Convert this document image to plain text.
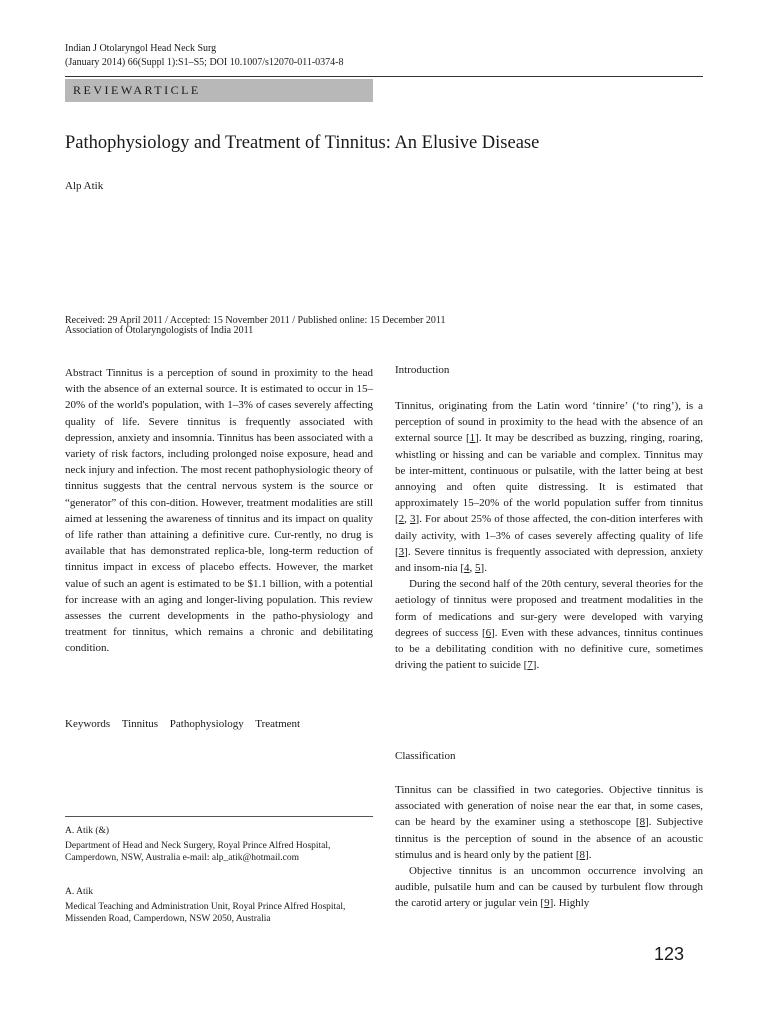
Indian J Otolaryngol Head Neck Surg
(January 2014) 66(Suppl 1):S1–S5; DOI 10.1007/s12070-011-0374-8
REVIEWARTICLE
Pathophysiology and Treatment of Tinnitus: An Elusive Disease
Alp Atik
Received: 29 April 2011 / Accepted: 15 November 2011 / Published online: 15 December 2011
Association of Otolaryngologists of India 2011

Abstract Tinnitus is a perception of sound in proximity to the head with the absence of an external source. It is estimated to occur in 15–20% of the world's population, with 1–3% of cases severely affecting quality of life. Severe tinnitus is frequently associated with depression, anxiety and insomnia. Tinnitus has been associated with a variety of risk factors, including prolonged noise exposure, head and neck injury and infection. The most recent pathophysiologic theory of tinnitus suggests that the central nervous system is the source or “generator” of this con-dition. However, treatment modalities are still aimed at lessening the awareness of tinnitus and its impact on quality of life rather than attaining a definitive cure. Cur-rently, no drug is available that has demonstrated replica-ble, long-term reduction of tinnitus impact in excess of placebo effects. However, the market value of such an agent is estimated to be $1.1 billion, with a potential for increase with an aging and longer-living population. This review assesses the current developments in the patho-physiology and treatment for tinnitus, which remains a chronic and debilitating condition.

Keywords Tinnitus Pathophysiology Treatment

A. Atik (&)

Department of Head and Neck Surgery, Royal Prince Alfred Hospital, Camperdown, NSW, Australia e-mail: alp_atik@hotmail.com

A. Atik

Medical Teaching and Administration Unit, Royal Prince Alfred Hospital, Missenden Road, Camperdown, NSW 2050, Australia

Introduction

Tinnitus, originating from the Latin word ‘tinnire’ (‘to ring’), is a perception of sound in proximity to the head with the absence of an external source [1]. It may be described as buzzing, ringing, roaring, whistling or hissing and can be variable and complex. Tinnitus may be inter-mittent, continuous or pulsatile, with the latter being at best annoying and often quite distressing. It is estimated that approximately 15–20% of the world population suffer from tinnitus [2, 3]. For about 25% of those affected, the con-dition interferes with daily activity, with 1–3% of cases severely affecting quality of life [3]. Severe tinnitus is frequently associated with depression, anxiety and insom-nia [4, 5].

During the second half of the 20th century, several theories for the aetiology of tinnitus were proposed and treatment modalities in the form of medications and sur-gery were developed with varying degrees of success [6]. Even with these advances, tinnitus continues to be a debilitating condition with no definitive cure, sometimes driving the patient to suicide [7].

Classification

Tinnitus can be classified in two categories. Objective tinnitus is associated with generation of noise near the ear that, in some cases, can be heard by the examiner using a stethoscope [8]. Subjective tinnitus is the perception of sound in the absence of an acoustic stimulus and is heard only by the patient [8].

Objective tinnitus is an uncommon occurrence involving an audible, pulsatile hum and can be caused by turbulent flow through the carotid artery or jugular vein [9]. Highly

123
